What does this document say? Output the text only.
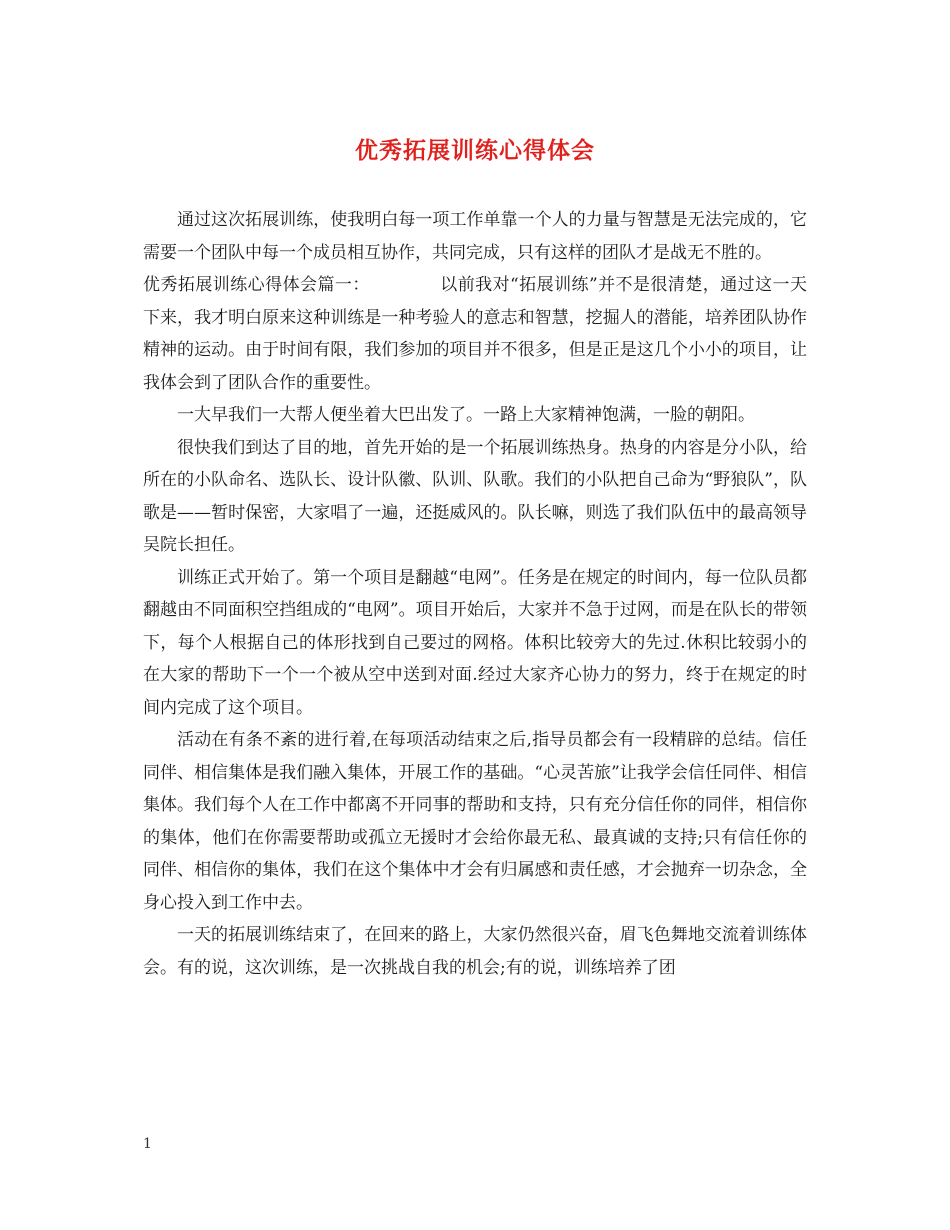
优秀拓展训练心得体会

通过这次拓展训练，使我明白每一项工作单靠一个人的力量与智慧是无法完成的，它需要一个团队中每一个成员相互协作，共同完成，只有这样的团队才是战无不胜的。

优秀拓展训练心得体会篇一：	以前我对“拓展训练”并不是很清楚，通过这一天下来，我才明白原来这种训练是一种考验人的意志和智慧，挖掘人的潜能，培养团队协作精神的运动。由于时间有限，我们参加的项目并不很多，但是正是这几个小小的项目，让我体会到了团队合作的重要性。

一大早我们一大帮人便坐着大巴出发了。一路上大家精神饱满，一脸的朝阳。

很快我们到达了目的地，首先开始的是一个拓展训练热身。热身的内容是分小队，给所在的小队命名、选队长、设计队徽、队训、队歌。我们的小队把自己命为“野狼队”，队歌是——暂时保密，大家唱了一遍，还挺威风的。队长嘛，则选了我们队伍中的最高领导吴院长担任。

训练正式开始了。第一个项目是翻越“电网”。任务是在规定的时间内，每一位队员都翻越由不同面积空挡组成的“电网”。项目开始后，大家并不急于过网，而是在队长的带领下，每个人根据自己的体形找到自己要过的网格。体积比较旁大的先过.休积比较弱小的在大家的帮助下一个一个被从空中送到对面.经过大家齐心协力的努力，终于在规定的时间内完成了这个项目。

活动在有条不紊的进行着,在每项活动结束之后,指导员都会有一段精辟的总结。信任同伴、相信集体是我们融入集体，开展工作的基础。“心灵苦旅”让我学会信任同伴、相信集体。我们每个人在工作中都离不开同事的帮助和支持，只有充分信任你的同伴，相信你的集体，他们在你需要帮助或孤立无援时才会给你最无私、最真诚的支持;只有信任你的同伴、相信你的集体，我们在这个集体中才会有归属感和责任感，才会抛弃一切杂念，全身心投入到工作中去。

一天的拓展训练结束了，在回来的路上，大家仍然很兴奋，眉飞色舞地交流着训练体会。有的说，这次训练，是一次挑战自我的机会;有的说，训练培养了团

1
